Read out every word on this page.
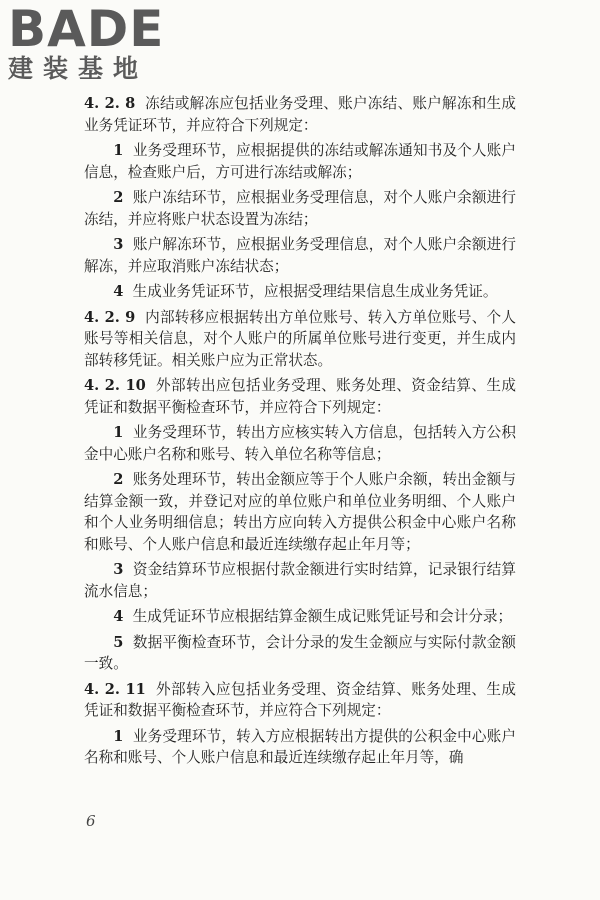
BADE
建装基地

4. 2. 8 冻结或解冻应包括业务受理、账户冻结、账户解冻和生成业务凭证环节，并应符合下列规定：

1 业务受理环节，应根据提供的冻结或解冻通知书及个人账户信息，检查账户后，方可进行冻结或解冻；

2 账户冻结环节，应根据业务受理信息，对个人账户余额进行冻结，并应将账户状态设置为冻结；

3 账户解冻环节，应根据业务受理信息，对个人账户余额进行解冻，并应取消账户冻结状态；

4 生成业务凭证环节，应根据受理结果信息生成业务凭证。

4. 2. 9 内部转移应根据转出方单位账号、转入方单位账号、个人账号等相关信息，对个人账户的所属单位账号进行变更，并生成内部转移凭证。相关账户应为正常状态。

4. 2. 10 外部转出应包括业务受理、账务处理、资金结算、生成凭证和数据平衡检查环节，并应符合下列规定：

1 业务受理环节，转出方应核实转入方信息，包括转入方公积金中心账户名称和账号、转入单位名称等信息；

2 账务处理环节，转出金额应等于个人账户余额，转出金额与结算金额一致，并登记对应的单位账户和单位业务明细、个人账户和个人业务明细信息；转出方应向转入方提供公积金中心账户名称和账号、个人账户信息和最近连续缴存起止年月等；

3 资金结算环节应根据付款金额进行实时结算，记录银行结算流水信息；

4 生成凭证环节应根据结算金额生成记账凭证号和会计分录；

5 数据平衡检查环节，会计分录的发生金额应与实际付款金额一致。

4. 2. 11 外部转入应包括业务受理、资金结算、账务处理、生成凭证和数据平衡检查环节，并应符合下列规定：

1 业务受理环节，转入方应根据转出方提供的公积金中心账户名称和账号、个人账户信息和最近连续缴存起止年月等，确

6
